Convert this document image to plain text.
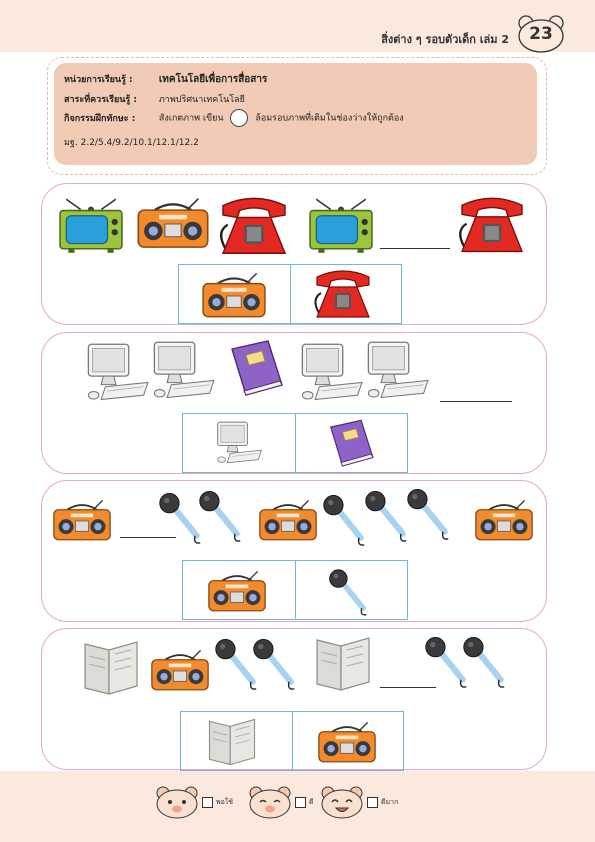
สิ่งต่าง ๆ รอบตัวเด็ก เล่ม 2	23
หน่วยการเรียนรู้ :	เทคโนโลยีเพื่อการสื่อสาร
สาระที่ควรเรียนรู้ : ภาพปริศนาเทคโนโลยี
กิจกรรมฝึกทักษะ :	สังเกตภาพ เขียน	ล้อมรอบภาพที่เติมในช่องว่างให้ถูกต้อง
มฐ. 2.2/5.4/9.2/10.1/12.1/12.2
พอใช้	ดี	ดีมาก
